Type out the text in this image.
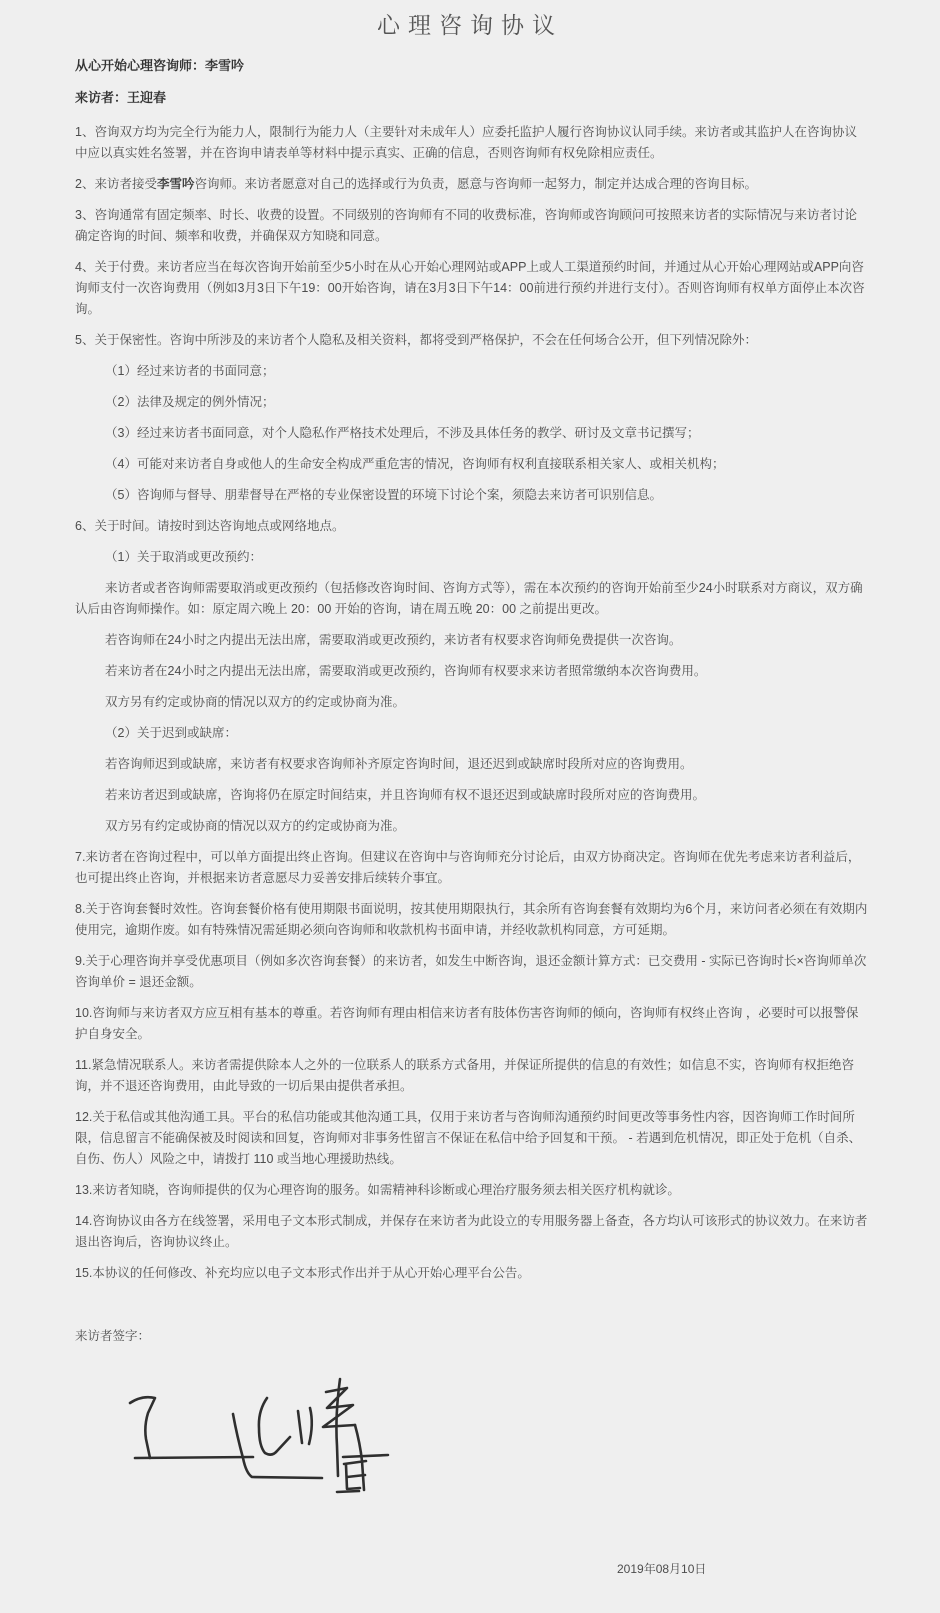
心理咨询协议

从心开始心理咨询师：李雪吟

来访者：王迎春

1、咨询双方均为完全行为能力人，限制行为能力人（主要针对未成年人）应委托监护人履行咨询协议认同手续。来访者或其监护人在咨询协议中应以真实姓名签署，并在咨询申请表单等材料中提示真实、正确的信息，否则咨询师有权免除相应责任。

2、来访者接受李雪吟咨询师。来访者愿意对自己的选择或行为负责，愿意与咨询师一起努力，制定并达成合理的咨询目标。

3、咨询通常有固定频率、时长、收费的设置。不同级别的咨询师有不同的收费标准，咨询师或咨询顾问可按照来访者的实际情况与来访者讨论确定咨询的时间、频率和收费，并确保双方知晓和同意。

4、关于付费。来访者应当在每次咨询开始前至少5小时在从心开始心理网站或APP上或人工渠道预约时间，并通过从心开始心理网站或APP向咨询师支付一次咨询费用（例如3月3日下午19：00开始咨询，请在3月3日下午14：00前进行预约并进行支付）。否则咨询师有权单方面停止本次咨询。

5、关于保密性。咨询中所涉及的来访者个人隐私及相关资料，都将受到严格保护，不会在任何场合公开，但下列情况除外：

（1）经过来访者的书面同意；

（2）法律及规定的例外情况；

（3）经过来访者书面同意，对个人隐私作严格技术处理后，不涉及具体任务的教学、研讨及文章书记撰写；

（4）可能对来访者自身或他人的生命安全构成严重危害的情况，咨询师有权利直接联系相关家人、或相关机构；

（5）咨询师与督导、朋辈督导在严格的专业保密设置的环境下讨论个案，须隐去来访者可识别信息。

6、关于时间。请按时到达咨询地点或网络地点。

（1）关于取消或更改预约：

来访者或者咨询师需要取消或更改预约（包括修改咨询时间、咨询方式等），需在本次预约的咨询开始前至少24小时联系对方商议，双方确认后由咨询师操作。如：原定周六晚上 20：00 开始的咨询，请在周五晚 20：00 之前提出更改。

若咨询师在24小时之内提出无法出席，需要取消或更改预约，来访者有权要求咨询师免费提供一次咨询。

若来访者在24小时之内提出无法出席，需要取消或更改预约，咨询师有权要求来访者照常缴纳本次咨询费用。

双方另有约定或协商的情况以双方的约定或协商为准。

（2）关于迟到或缺席：

若咨询师迟到或缺席，来访者有权要求咨询师补齐原定咨询时间，退还迟到或缺席时段所对应的咨询费用。

若来访者迟到或缺席，咨询将仍在原定时间结束，并且咨询师有权不退还迟到或缺席时段所对应的咨询费用。

双方另有约定或协商的情况以双方的约定或协商为准。

7.来访者在咨询过程中，可以单方面提出终止咨询。但建议在咨询中与咨询师充分讨论后，由双方协商决定。咨询师在优先考虑来访者利益后，也可提出终止咨询，并根据来访者意愿尽力妥善安排后续转介事宜。

8.关于咨询套餐时效性。咨询套餐价格有使用期限书面说明，按其使用期限执行，其余所有咨询套餐有效期均为6个月，来访问者必须在有效期内使用完，逾期作废。如有特殊情况需延期必须向咨询师和收款机构书面申请，并经收款机构同意，方可延期。

9.关于心理咨询并享受优惠项目（例如多次咨询套餐）的来访者，如发生中断咨询，退还金额计算方式：已交费用 - 实际已咨询时长×咨询师单次咨询单价 = 退还金额。

10.咨询师与来访者双方应互相有基本的尊重。若咨询师有理由相信来访者有肢体伤害咨询师的倾向，咨询师有权终止咨询 ，必要时可以报警保护自身安全。

11.紧急情况联系人。来访者需提供除本人之外的一位联系人的联系方式备用，并保证所提供的信息的有效性；如信息不实，咨询师有权拒绝咨询，并不退还咨询费用，由此导致的一切后果由提供者承担。

12.关于私信或其他沟通工具。平台的私信功能或其他沟通工具，仅用于来访者与咨询师沟通预约时间更改等事务性内容，因咨询师工作时间所限，信息留言不能确保被及时阅读和回复，咨询师对非事务性留言不保证在私信中给予回复和干预。 - 若遇到危机情况，即正处于危机（自杀、自伤、伤人）风险之中，请拨打 110 或当地心理援助热线。

13.来访者知晓，咨询师提供的仅为心理咨询的服务。如需精神科诊断或心理治疗服务须去相关医疗机构就诊。

14.咨询协议由各方在线签署，采用电子文本形式制成，并保存在来访者为此设立的专用服务器上备查，各方均认可该形式的协议效力。在来访者退出咨询后，咨询协议终止。

15.本协议的任何修改、补充均应以电子文本形式作出并于从心开始心理平台公告。

来访者签字：

2019年08月10日
